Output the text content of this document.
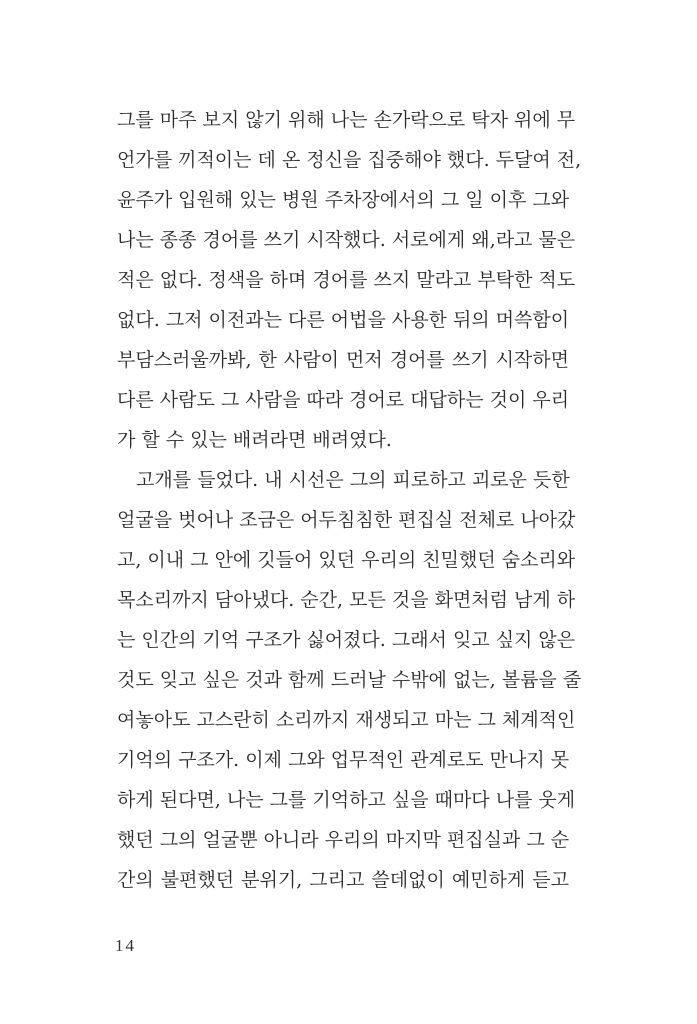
그를 마주 보지 않기 위해 나는 손가락으로 탁자 위에 무
언가를 끼적이는 데 온 정신을 집중해야 했다. 두달여 전,
윤주가 입원해 있는 병원 주차장에서의 그 일 이후 그와
나는 종종 경어를 쓰기 시작했다. 서로에게 왜,라고 물은
적은 없다. 정색을 하며 경어를 쓰지 말라고 부탁한 적도
없다. 그저 이전과는 다른 어법을 사용한 뒤의 머쓱함이
부담스러울까봐, 한 사람이 먼저 경어를 쓰기 시작하면
다른 사람도 그 사람을 따라 경어로 대답하는 것이 우리
가 할 수 있는 배려라면 배려였다.
고개를 들었다. 내 시선은 그의 피로하고 괴로운 듯한
얼굴을 벗어나 조금은 어두침침한 편집실 전체로 나아갔
고, 이내 그 안에 깃들어 있던 우리의 친밀했던 숨소리와
목소리까지 담아냈다. 순간, 모든 것을 화면처럼 남게 하
는 인간의 기억 구조가 싫어졌다. 그래서 잊고 싶지 않은
것도 잊고 싶은 것과 함께 드러날 수밖에 없는, 볼륨을 줄
여놓아도 고스란히 소리까지 재생되고 마는 그 체계적인
기억의 구조가. 이제 그와 업무적인 관계로도 만나지 못
하게 된다면, 나는 그를 기억하고 싶을 때마다 나를 웃게
했던 그의 얼굴뿐 아니라 우리의 마지막 편집실과 그 순
간의 불편했던 분위기, 그리고 쓸데없이 예민하게 듣고
14
